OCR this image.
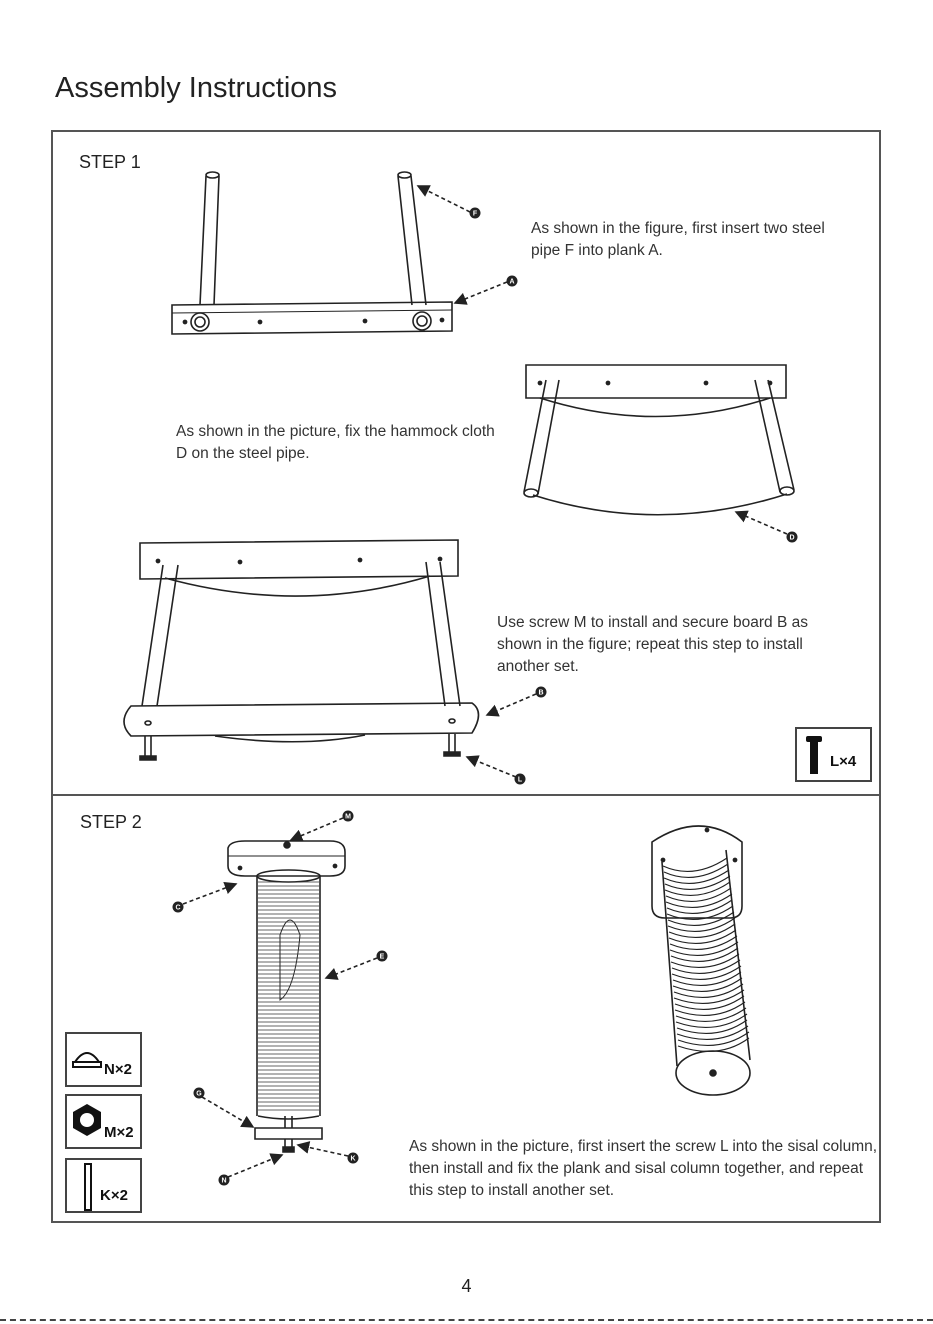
Assembly Instructions
STEP 1
As shown in the figure, first insert two steel pipe F into plank A.
As shown in the picture, fix the hammock cloth D on the steel pipe.
Use screw M to install and secure board B as shown in the figure; repeat this step to install another set.
STEP 2
As shown in the picture, first insert the screw L into the sisal column, then install and fix the plank and sisal column together, and repeat this step to install another set.
F
A
D
B
L
M
C
E
G
K
N
L×4
N×2
M×2
K×2
4
